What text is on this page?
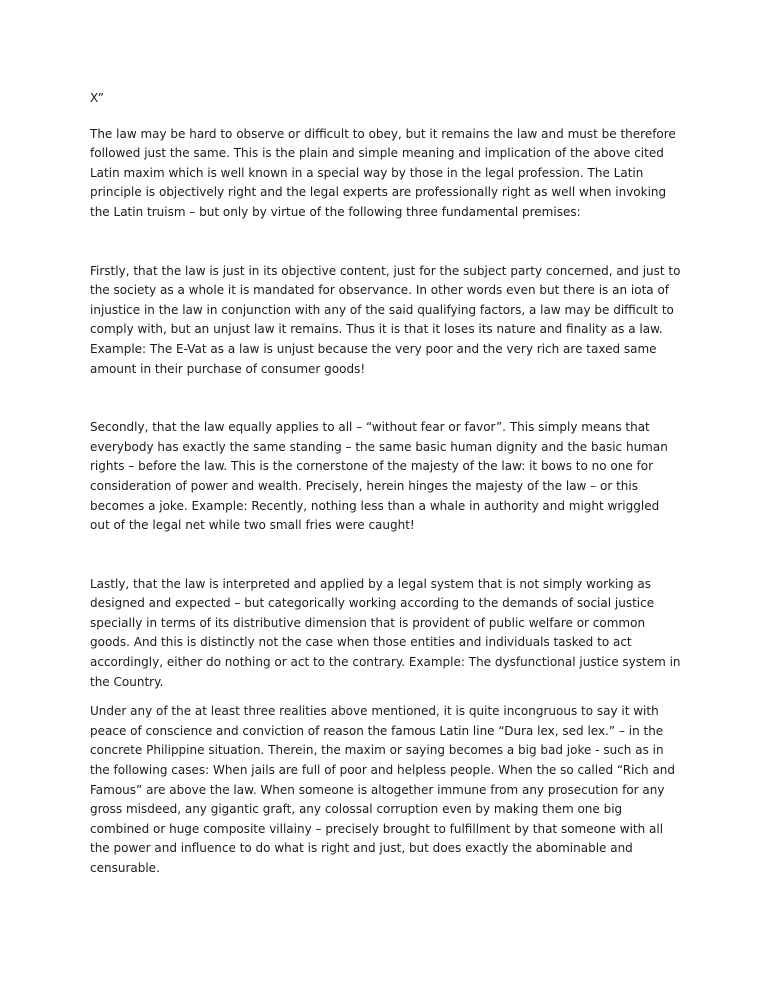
X”

The law may be hard to observe or difficult to obey, but it remains the law and must be therefore followed just the same. This is the plain and simple meaning and implication of the above cited Latin maxim which is well known in a special way by those in the legal profession. The Latin principle is objectively right and the legal experts are professionally right as well when invoking the Latin truism – but only by virtue of the following three fundamental premises:

Firstly, that the law is just in its objective content, just for the subject party concerned, and just to the society as a whole it is mandated for observance. In other words even but there is an iota of injustice in the law in conjunction with any of the said qualifying factors, a law may be difficult to comply with, but an unjust law it remains. Thus it is that it loses its nature and finality as a law. Example: The E-Vat as a law is unjust because the very poor and the very rich are taxed same amount in their purchase of consumer goods!

Secondly, that the law equally applies to all – “without fear or favor”. This simply means that everybody has exactly the same standing – the same basic human dignity and the basic human rights – before the law. This is the cornerstone of the majesty of the law: it bows to no one for consideration of power and wealth. Precisely, herein hinges the majesty of the law – or this becomes a joke. Example: Recently, nothing less than a whale in authority and might wriggled out of the legal net while two small fries were caught!

Lastly, that the law is interpreted and applied by a legal system that is not simply working as designed and expected – but categorically working according to the demands of social justice specially in terms of its distributive dimension that is provident of public welfare or common goods. And this is distinctly not the case when those entities and individuals tasked to act accordingly, either do nothing or act to the contrary. Example: The dysfunctional justice system in the Country.

Under any of the at least three realities above mentioned, it is quite incongruous to say it with peace of conscience and conviction of reason the famous Latin line “Dura lex, sed lex.” – in the concrete Philippine situation. Therein, the maxim or saying becomes a big bad joke - such as in the following cases: When jails are full of poor and helpless people. When the so called “Rich and Famous” are above the law. When someone is altogether immune from any prosecution for any gross misdeed, any gigantic graft, any colossal corruption even by making them one big combined or huge composite villainy – precisely brought to fulfillment by that someone with all the power and influence to do what is right and just, but does exactly the abominable and censurable.
